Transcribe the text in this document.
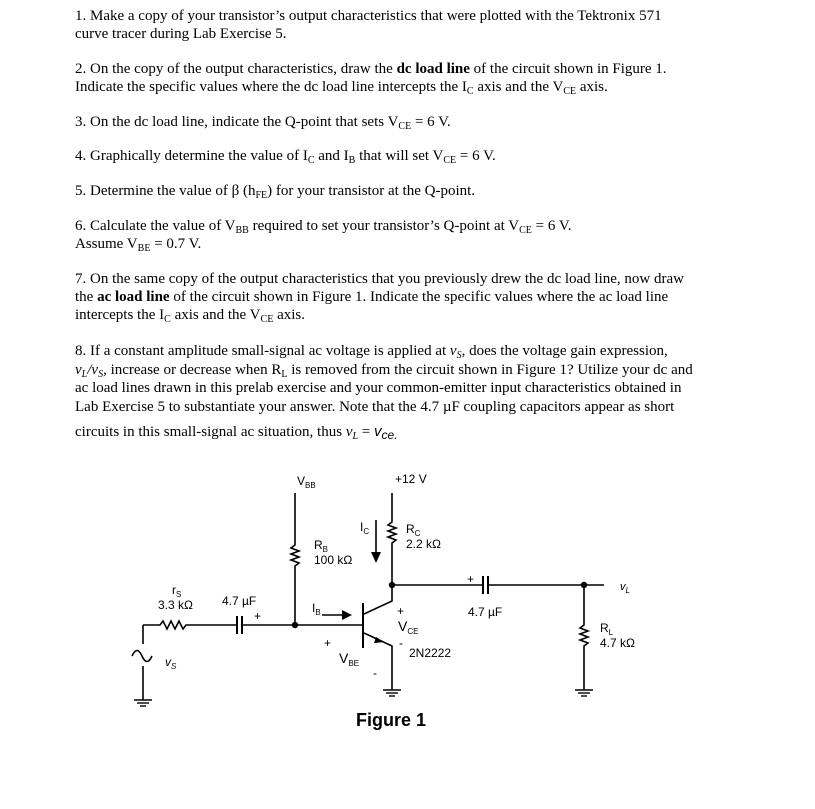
1. Make a copy of your transistor’s output characteristics that were plotted with the Tektronix 571
curve tracer during Lab Exercise 5.

2. On the copy of the output characteristics, draw the dc load line of the circuit shown in Figure 1.
Indicate the specific values where the dc load line intercepts the $I_C$ axis and the $V_{CE}$ axis.

3. On the dc load line, indicate the Q-point that sets $V_{CE} = 6$ V.

4. Graphically determine the value of $I_C$ and $I_B$ that will set $V_{CE} = 6$ V.

5. Determine the value of β $(h_{FE})$ for your transistor at the Q-point.

6. Calculate the value of $V_{BB}$ required to set your transistor’s Q-point at $V_{CE} = 6$ V.
Assume $V_{BE} = 0.7$ V.

7. On the same copy of the output characteristics that you previously drew the dc load line, now draw
the ac load line of the circuit shown in Figure 1. Indicate the specific values where the ac load line
intercepts the $I_C$ axis and the $V_{CE}$ axis.

8. If a constant amplitude small-signal ac voltage is applied at $v_S$, does the voltage gain expression,
$v_L/v_S$, increase or decrease when $R_L$ is removed from the circuit shown in Figure 1? Utilize your dc and
ac load lines drawn in this prelab exercise and your common-emitter input characteristics obtained in
Lab Exercise 5 to substantiate your answer. Note that the 4.7 µF coupling capacitors appear as short
circuits in this small-signal ac situation, thus $v_L = v_{ce.}$

$V_{BB}$	+12 V
$I_C$	$R_C$
2.2 kΩ
$R_B$
100 kΩ
$r_S$
3.3 kΩ 4.7 µF
+
$I_B$	+
$V_{CE}$
-
2N2222
+
$V_{BE}$
-
+
4.7 µF
$v_L$
$R_L$
4.7 kΩ
$v_S$
Figure 1
